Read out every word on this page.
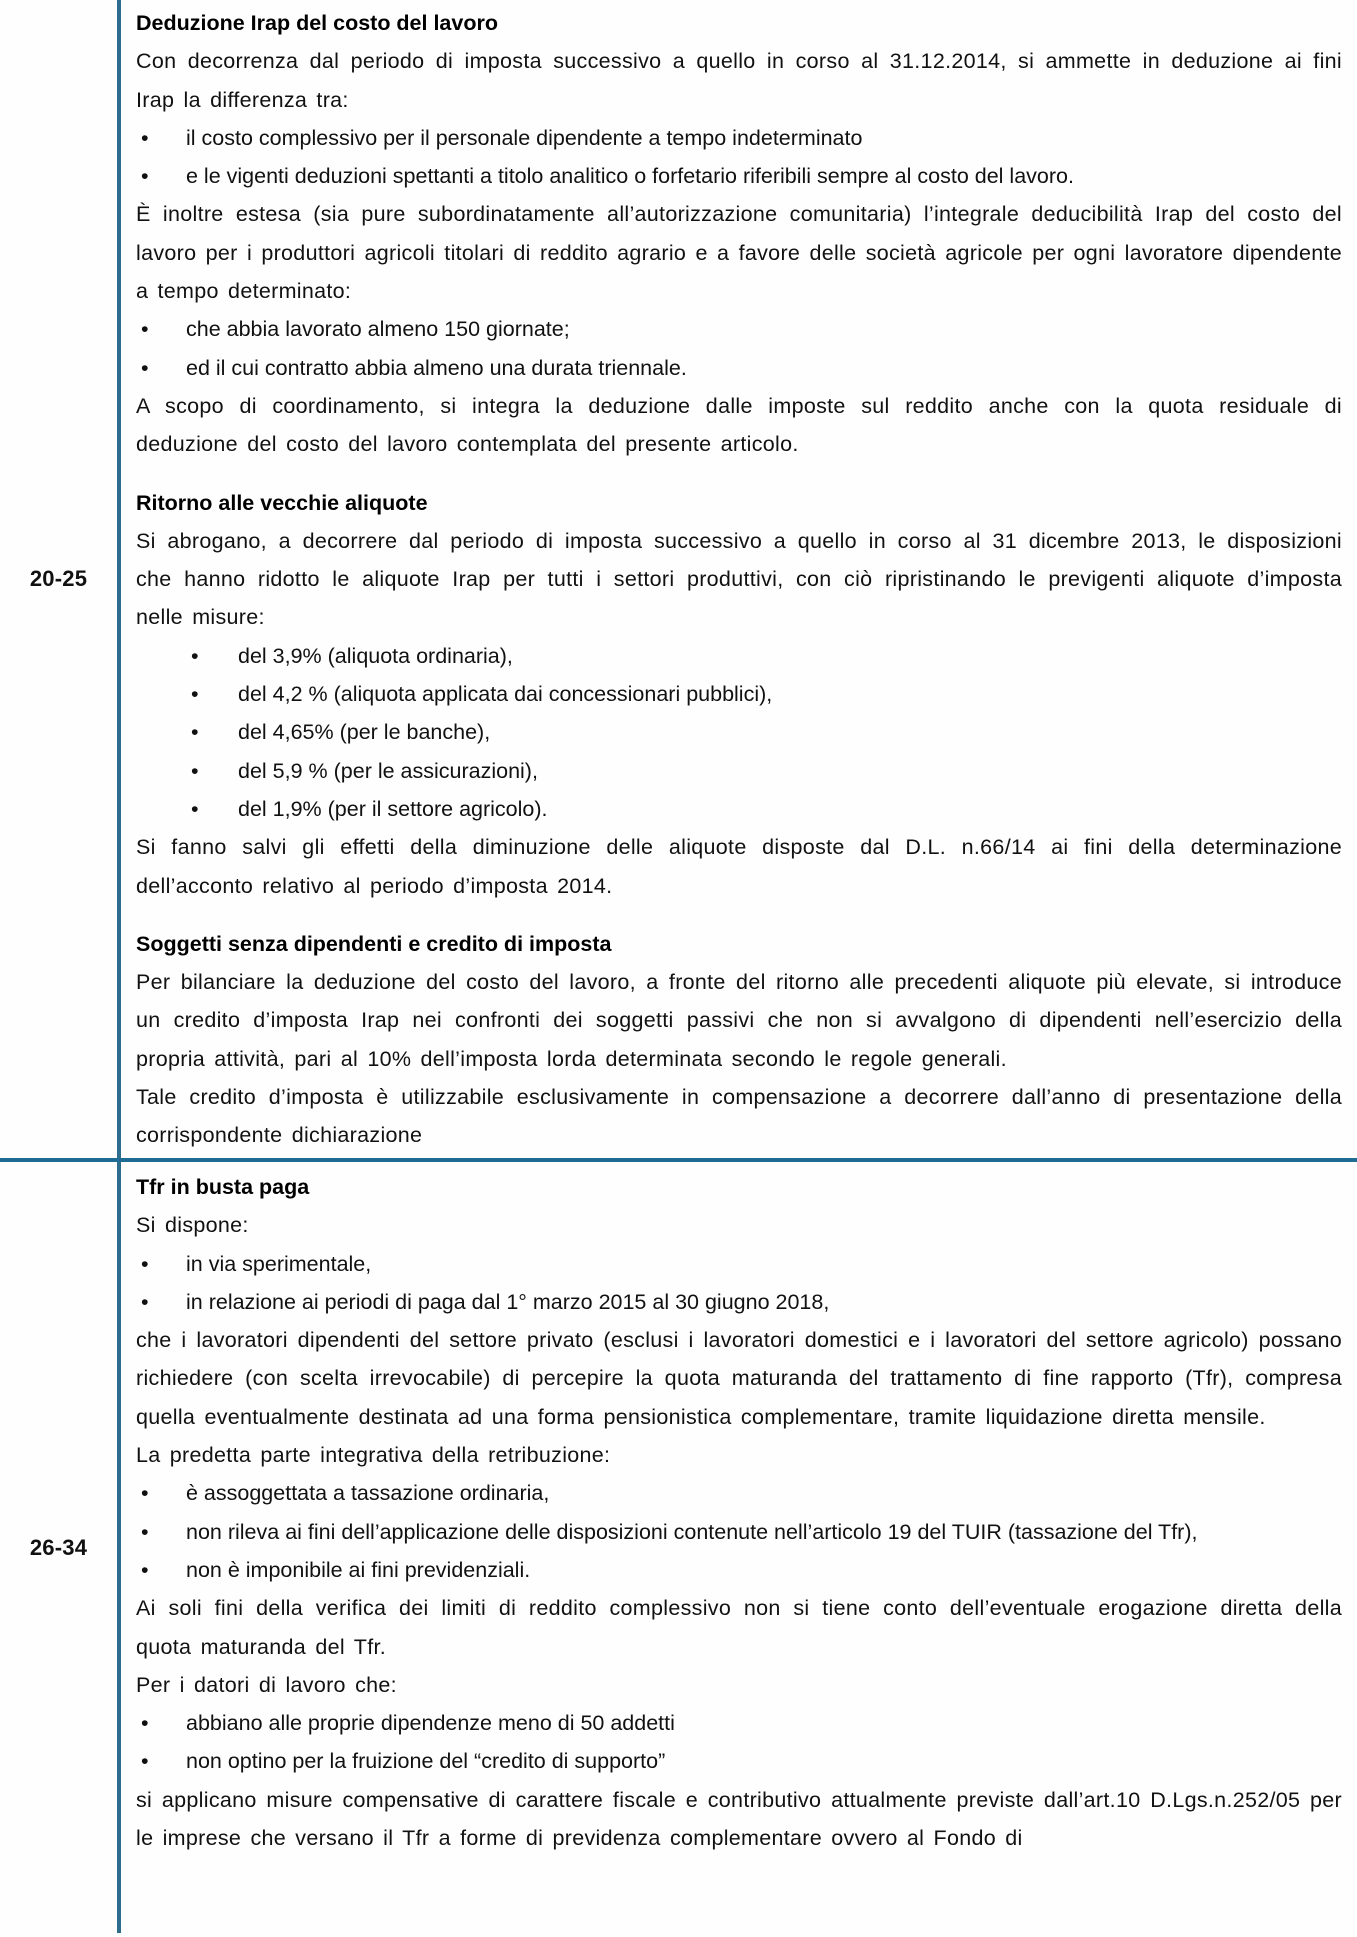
20-25
Deduzione Irap del costo del lavoro

Con decorrenza dal periodo di imposta successivo a quello in corso al 31.12.2014, si ammette in deduzione ai fini Irap la differenza tra:

• il costo complessivo per il personale dipendente a tempo indeterminato
• e le vigenti deduzioni spettanti a titolo analitico o forfetario riferibili sempre al costo del lavoro.

È inoltre estesa (sia pure subordinatamente all’autorizzazione comunitaria) l’integrale deducibilità Irap del costo del lavoro per i produttori agricoli titolari di reddito agrario e a favore delle società agricole per ogni lavoratore dipendente a tempo determinato:

• che abbia lavorato almeno 150 giornate;
• ed il cui contratto abbia almeno una durata triennale.

A scopo di coordinamento, si integra la deduzione dalle imposte sul reddito anche con la quota residuale di deduzione del costo del lavoro contemplata del presente articolo.

Ritorno alle vecchie aliquote

Si abrogano, a decorrere dal periodo di imposta successivo a quello in corso al 31 dicembre 2013, le disposizioni che hanno ridotto le aliquote Irap per tutti i settori produttivi, con ciò ripristinando le previgenti aliquote d’imposta nelle misure:

• del 3,9% (aliquota ordinaria),
• del 4,2 % (aliquota applicata dai concessionari pubblici),
• del 4,65% (per le banche),
• del 5,9 % (per le assicurazioni),
• del 1,9% (per il settore agricolo).

Si fanno salvi gli effetti della diminuzione delle aliquote disposte dal D.L. n.66/14 ai fini della determinazione dell’acconto relativo al periodo d’imposta 2014.

Soggetti senza dipendenti e credito di imposta

Per bilanciare la deduzione del costo del lavoro, a fronte del ritorno alle precedenti aliquote più elevate, si introduce un credito d’imposta Irap nei confronti dei soggetti passivi che non si avvalgono di dipendenti nell’esercizio della propria attività, pari al 10% dell’imposta lorda determinata secondo le regole generali.

Tale credito d’imposta è utilizzabile esclusivamente in compensazione a decorrere dall’anno di presentazione della corrispondente dichiarazione

26-34
Tfr in busta paga

Si dispone:

• in via sperimentale,
• in relazione ai periodi di paga dal 1° marzo 2015 al 30 giugno 2018,

che i lavoratori dipendenti del settore privato (esclusi i lavoratori domestici e i lavoratori del settore agricolo) possano richiedere (con scelta irrevocabile) di percepire la quota maturanda del trattamento di fine rapporto (Tfr), compresa quella eventualmente destinata ad una forma pensionistica complementare, tramite liquidazione diretta mensile.

La predetta parte integrativa della retribuzione:

• è assoggettata a tassazione ordinaria,
• non rileva ai fini dell’applicazione delle disposizioni contenute nell’articolo 19 del TUIR (tassazione del Tfr),
• non è imponibile ai fini previdenziali.

Ai soli fini della verifica dei limiti di reddito complessivo non si tiene conto dell’eventuale erogazione diretta della quota maturanda del Tfr.

Per i datori di lavoro che:

• abbiano alle proprie dipendenze meno di 50 addetti
• non optino per la fruizione del “credito di supporto”

si applicano misure compensative di carattere fiscale e contributivo attualmente previste dall’art.10 D.Lgs.n.252/05 per le imprese che versano il Tfr a forme di previdenza complementare ovvero al Fondo di
